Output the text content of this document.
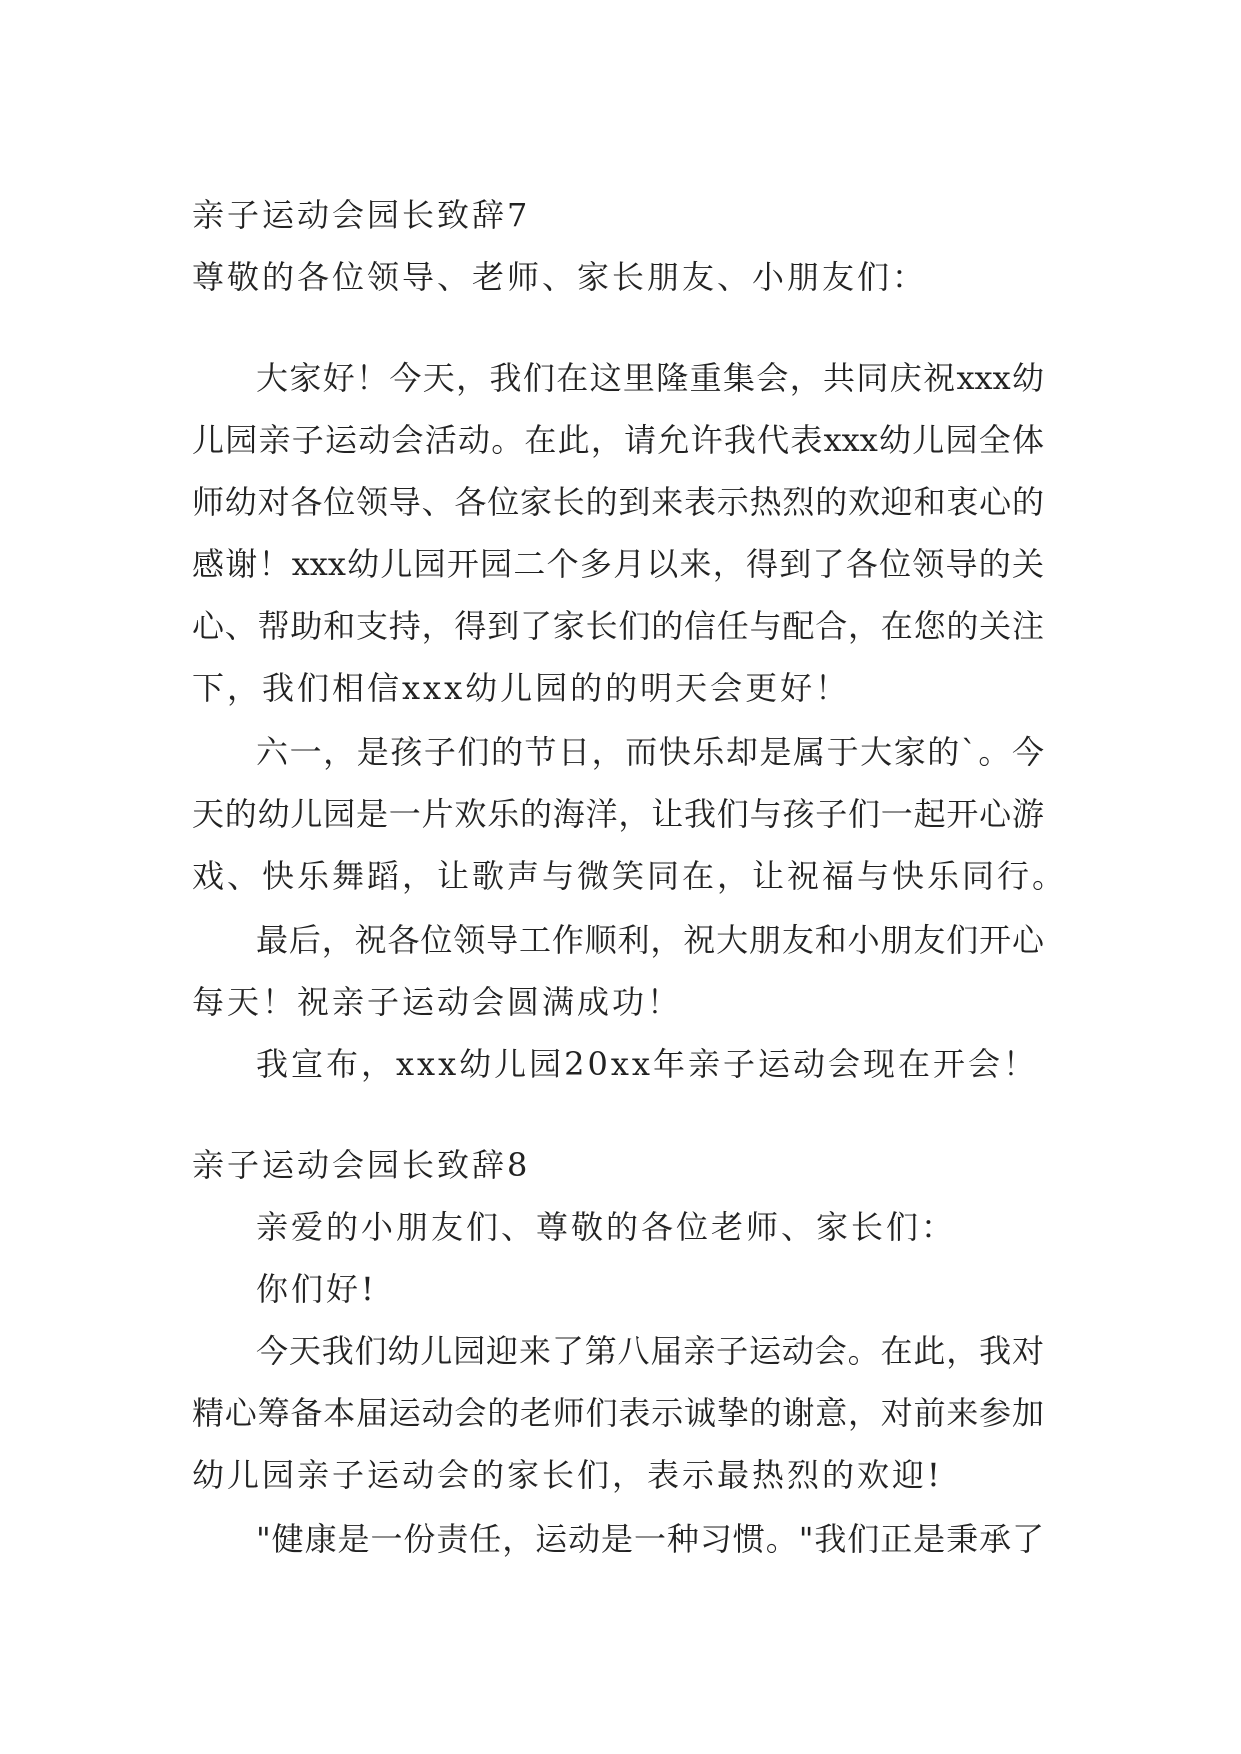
亲子运动会园长致辞7
尊敬的各位领导、老师、家长朋友、小朋友们：
大家好！今天，我们在这里隆重集会，共同庆祝xxx幼
儿园亲子运动会活动。在此，请允许我代表xxx幼儿园全体
师幼对各位领导、各位家长的到来表示热烈的欢迎和衷心的
感谢！xxx幼儿园开园二个多月以来，得到了各位领导的关
心、帮助和支持，得到了家长们的信任与配合，在您的关注
下，我们相信xxx幼儿园的的明天会更好！
六一，是孩子们的节日，而快乐却是属于大家的`。今
天的幼儿园是一片欢乐的海洋，让我们与孩子们一起开心游
戏、快乐舞蹈，让歌声与微笑同在，让祝福与快乐同行。
最后，祝各位领导工作顺利，祝大朋友和小朋友们开心
每天！祝亲子运动会圆满成功！
我宣布，xxx幼儿园20xx年亲子运动会现在开会！
亲子运动会园长致辞8
亲爱的小朋友们、尊敬的各位老师、家长们：
你们好!
今天我们幼儿园迎来了第八届亲子运动会。在此，我对
精心筹备本届运动会的老师们表示诚挚的谢意，对前来参加
幼儿园亲子运动会的家长们，表示最热烈的欢迎!
"健康是一份责任，运动是一种习惯。"我们正是秉承了
